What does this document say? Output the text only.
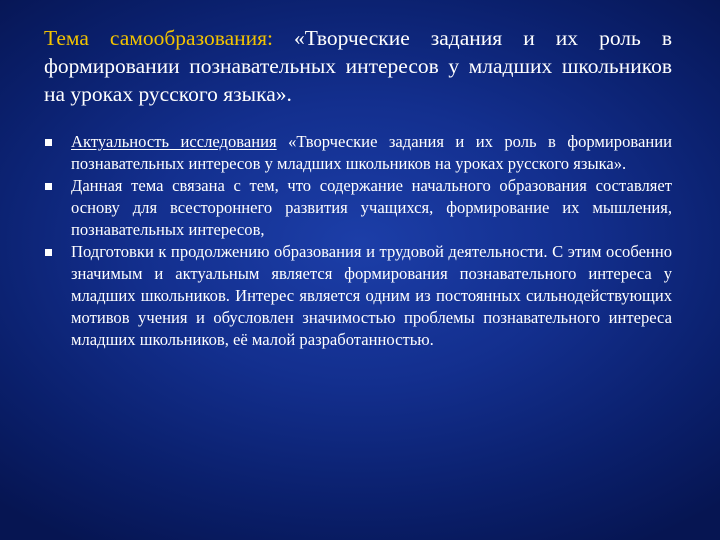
Тема самообразования: «Творческие задания и их роль в формировании познавательных интересов у младших школьников на уроках русского языка».
Актуальность исследования «Творческие задания и их роль в формировании познавательных интересов у младших школьников на уроках русского языка».
Данная тема связана с тем, что содержание начального образования составляет основу для всестороннего развития учащихся, формирование их мышления, познавательных интересов,
Подготовки к продолжению образования и трудовой деятельности. С этим особенно значимым и актуальным является формирования познавательного интереса у младших школьников. Интерес является одним из постоянных сильнодействующих мотивов учения и обусловлен значимостью проблемы познавательного интереса младших школьников, её малой разработанностью.
